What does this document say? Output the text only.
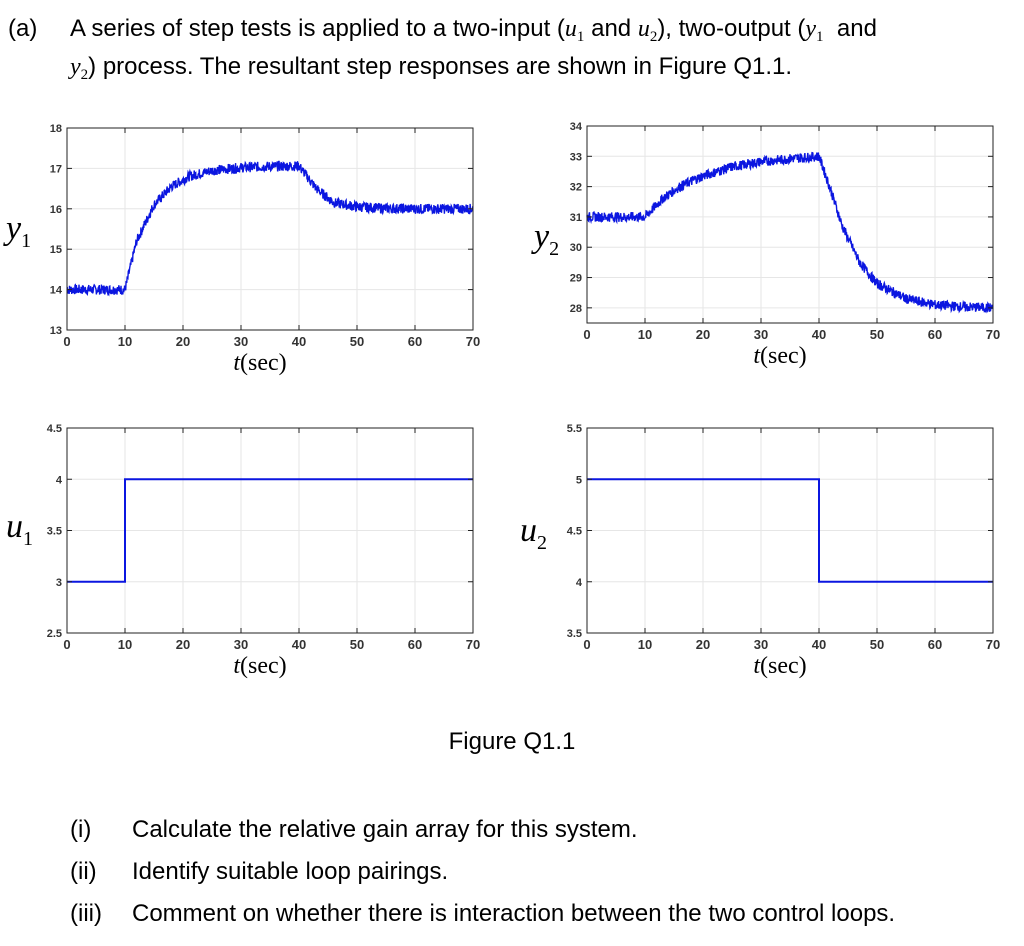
(a) A series of step tests is applied to a two-input ($u_1$ and $u_2$), two-output ($y_1$ and
$y_2$) process. The resultant step responses are shown in Figure Q1.1.
$y_1$	$y_2$
$u_1$	$u_2$
0	10	20	30	40	50	60	70
13
14
15
16
17
18
t(sec)
0	10	20	30	40	50	60	70
28
29
30
31
32
33
34
t(sec)
0	10	20	30	40	50	60	70
2.5
3
3.5
4
4.5
t(sec)
0	10	20	30	40	50	60	70
3.5
4
4.5
5
5.5
t(sec)
Figure Q1.1
(i) Calculate the relative gain array for this system.
(ii) Identify suitable loop pairings.
(iii) Comment on whether there is interaction between the two control loops.
